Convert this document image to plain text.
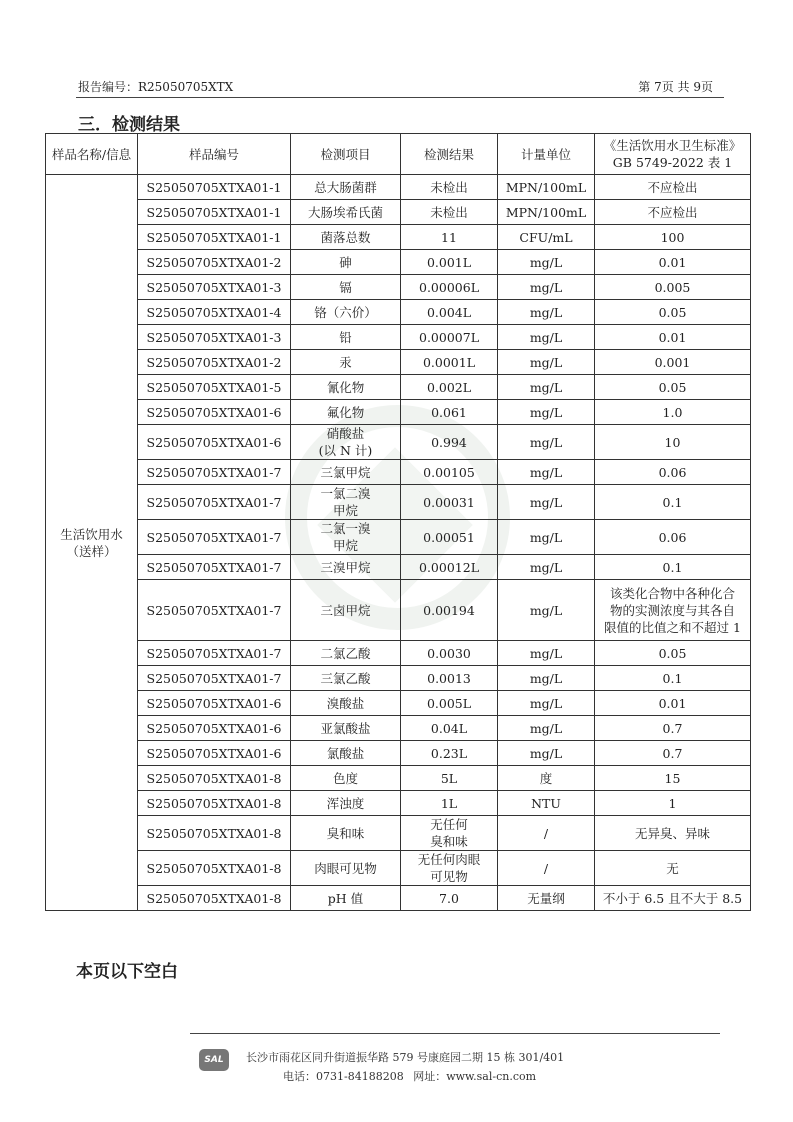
报告编号：R25050705XTX	第 7页 共 9页
三．检测结果
样品名称/信息	样品编号	检测项目	检测结果	计量单位	《生活饮用水卫生标准》
GB 5749-2022 表 1

生活饮用水
（送样）	S25050705XTXA01-1	总大肠菌群	未检出	MPN/100mL	不应检出
	S25050705XTXA01-1	大肠埃希氏菌	未检出	MPN/100mL	不应检出
	S25050705XTXA01-1	菌落总数	11	CFU/mL	100
	S25050705XTXA01-2	砷	0.001L	mg/L	0.01
	S25050705XTXA01-3	镉	0.00006L	mg/L	0.005
	S25050705XTXA01-4	铬（六价）	0.004L	mg/L	0.05
	S25050705XTXA01-3	铅	0.00007L	mg/L	0.01
	S25050705XTXA01-2	汞	0.0001L	mg/L	0.001
	S25050705XTXA01-5	氰化物	0.002L	mg/L	0.05
	S25050705XTXA01-6	氟化物	0.061	mg/L	1.0
	S25050705XTXA01-6	硝酸盐
(以 N 计)	0.994	mg/L	10
	S25050705XTXA01-7	三氯甲烷	0.00105	mg/L	0.06
	S25050705XTXA01-7	一氯二溴
甲烷	0.00031	mg/L	0.1
	S25050705XTXA01-7	二氯一溴
甲烷	0.00051	mg/L	0.06
	S25050705XTXA01-7	三溴甲烷	0.00012L	mg/L	0.1
	S25050705XTXA01-7	三卤甲烷	0.00194	mg/L	该类化合物中各种化合
物的实测浓度与其各自
限值的比值之和不超过 1

	S25050705XTXA01-7	二氯乙酸	0.0030	mg/L	0.05
	S25050705XTXA01-7	三氯乙酸	0.0013	mg/L	0.1
	S25050705XTXA01-6	溴酸盐	0.005L	mg/L	0.01
	S25050705XTXA01-6	亚氯酸盐	0.04L	mg/L	0.7
	S25050705XTXA01-6	氯酸盐	0.23L	mg/L	0.7
	S25050705XTXA01-8	色度	5L	度	15
	S25050705XTXA01-8	浑浊度	1L	NTU	1
	S25050705XTXA01-8	臭和味	无任何
臭和味	/	无异臭、异味
	S25050705XTXA01-8	肉眼可见物	无任何肉眼
可见物	/	无
	S25050705XTXA01-8	pH 值	7.0	无量纲	不小于 6.5 且不大于 8.5
本页以下空白
SAL	长沙市雨花区同升街道振华路 579 号康庭园二期 15 栋 301/401
电话：0731-84188208 网址：www.sal-cn.com
